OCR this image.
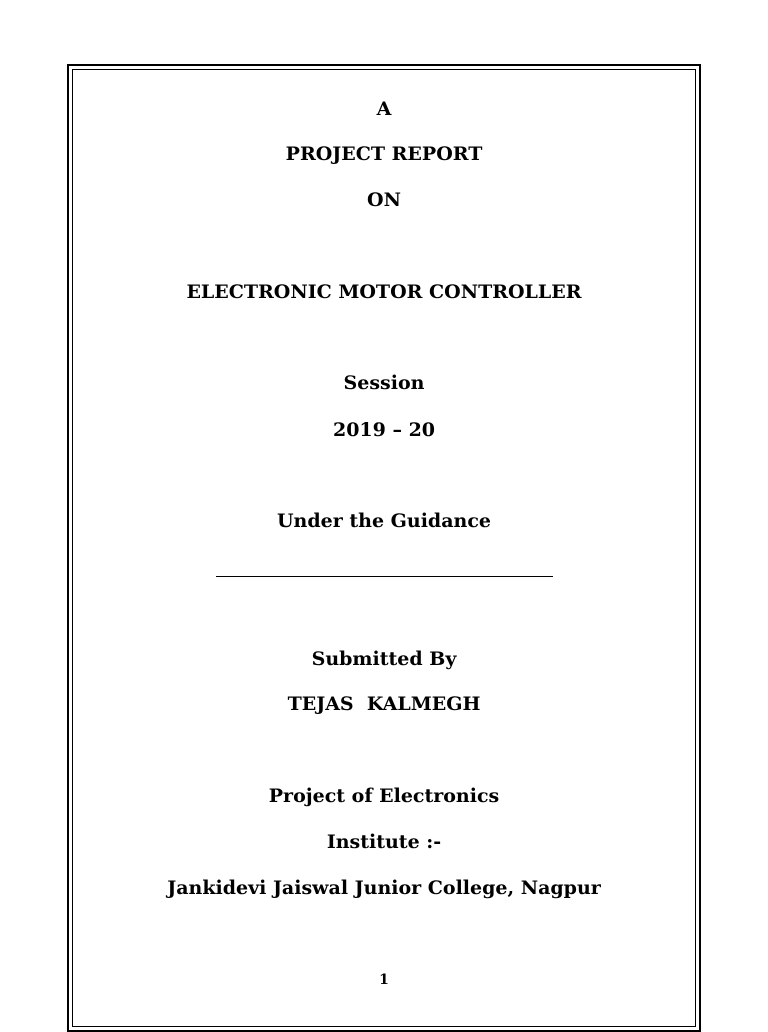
A
PROJECT REPORT
ON
ELECTRONIC MOTOR CONTROLLER
Session
2019 – 20
Under the Guidance
Submitted By
TEJAS  KALMEGH
Project of Electronics
Institute :-
Jankidevi Jaiswal Junior College, Nagpur
1
